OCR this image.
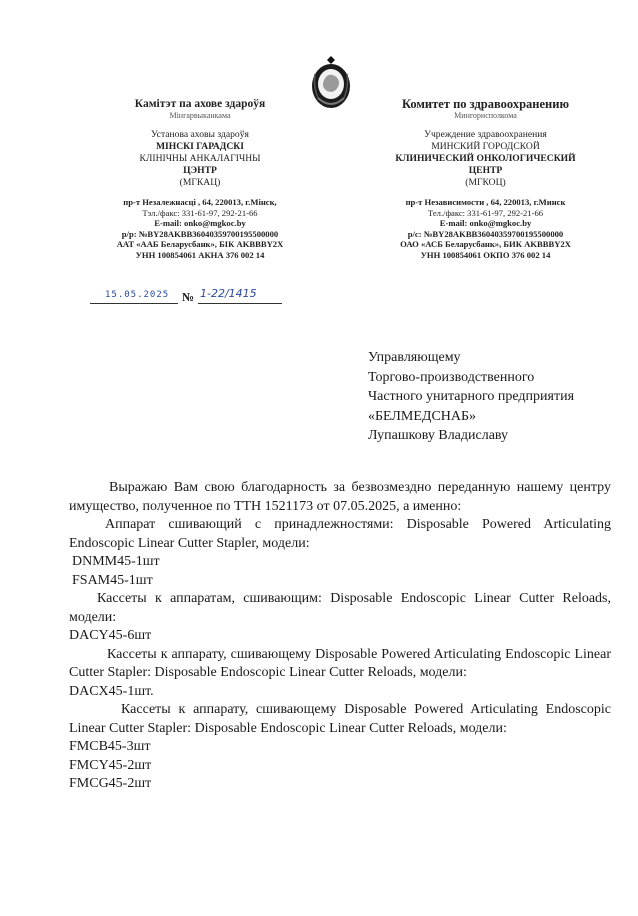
Камітэт па ахове здароўя
Мінгарвыканкама
Установа аховы здароўя
МІНСКІ ГАРАДСКІ
КЛІНІЧНЫ АНКАЛАГІЧНЫ
ЦЭНТР
(МГКАЦ)
пр-т Незалежнасці , 64, 220013, г.Мінск,
Тэл./факс: 331-61-97, 292-21-66
E-mail: onko@mgkoc.by
р/р: №BY28AKBB36040359700195500000
ААТ «ААБ Беларусбанк», БІК AKBBBY2X
УНН 100854061 АКНА 376 002 14
Комитет по здравоохранению
Мингорисполкома
Учреждение здравоохранения
МИНСКИЙ ГОРОДСКОЙ
КЛИНИЧЕСКИЙ ОНКОЛОГИЧЕСКИЙ
ЦЕНТР
(МГКОЦ)
пр-т Независимости , 64, 220013, г.Минск
Тел./факс: 331-61-97, 292-21-66
E-mail: onko@mgkoc.by
р/с: №BY28AKBB36040359700195500000
ОАО «АСБ Беларусбанк», БИК AKBBBY2X
УНН 100854061 ОКПО 376 002 14
15.05.2025 № 1-22/1415
Управляющему
Торгово-производственного
Частного унитарного предприятия
«БЕЛМЕДСНАБ»
Лупашкову Владиславу

Выражаю Вам свою благодарность за безвозмездно переданную нашему центру имущество, полученное по ТТН 1521173 от 07.05.2025, а именно:

Аппарат сшивающий с принадлежностями: Disposable Powered Articulating Endoscopic Linear Cutter Stapler, модели:

DNMM45-1шт

FSAM45-1шт

Кассеты к аппаратам, сшивающим: Disposable Endoscopic Linear Cutter Reloads, модели:

DACY45-6шт

Кассеты к аппарату, сшивающему Disposable Powered Articulating Endoscopic Linear Cutter Stapler: Disposable Endoscopic Linear Cutter Reloads, модели:

DACX45-1шт.

Кассеты к аппарату, сшивающему Disposable Powered Articulating Endoscopic Linear Cutter Stapler: Disposable Endoscopic Linear Cutter Reloads, модели:

FMCB45-3шт

FMCY45-2шт

FMCG45-2шт
